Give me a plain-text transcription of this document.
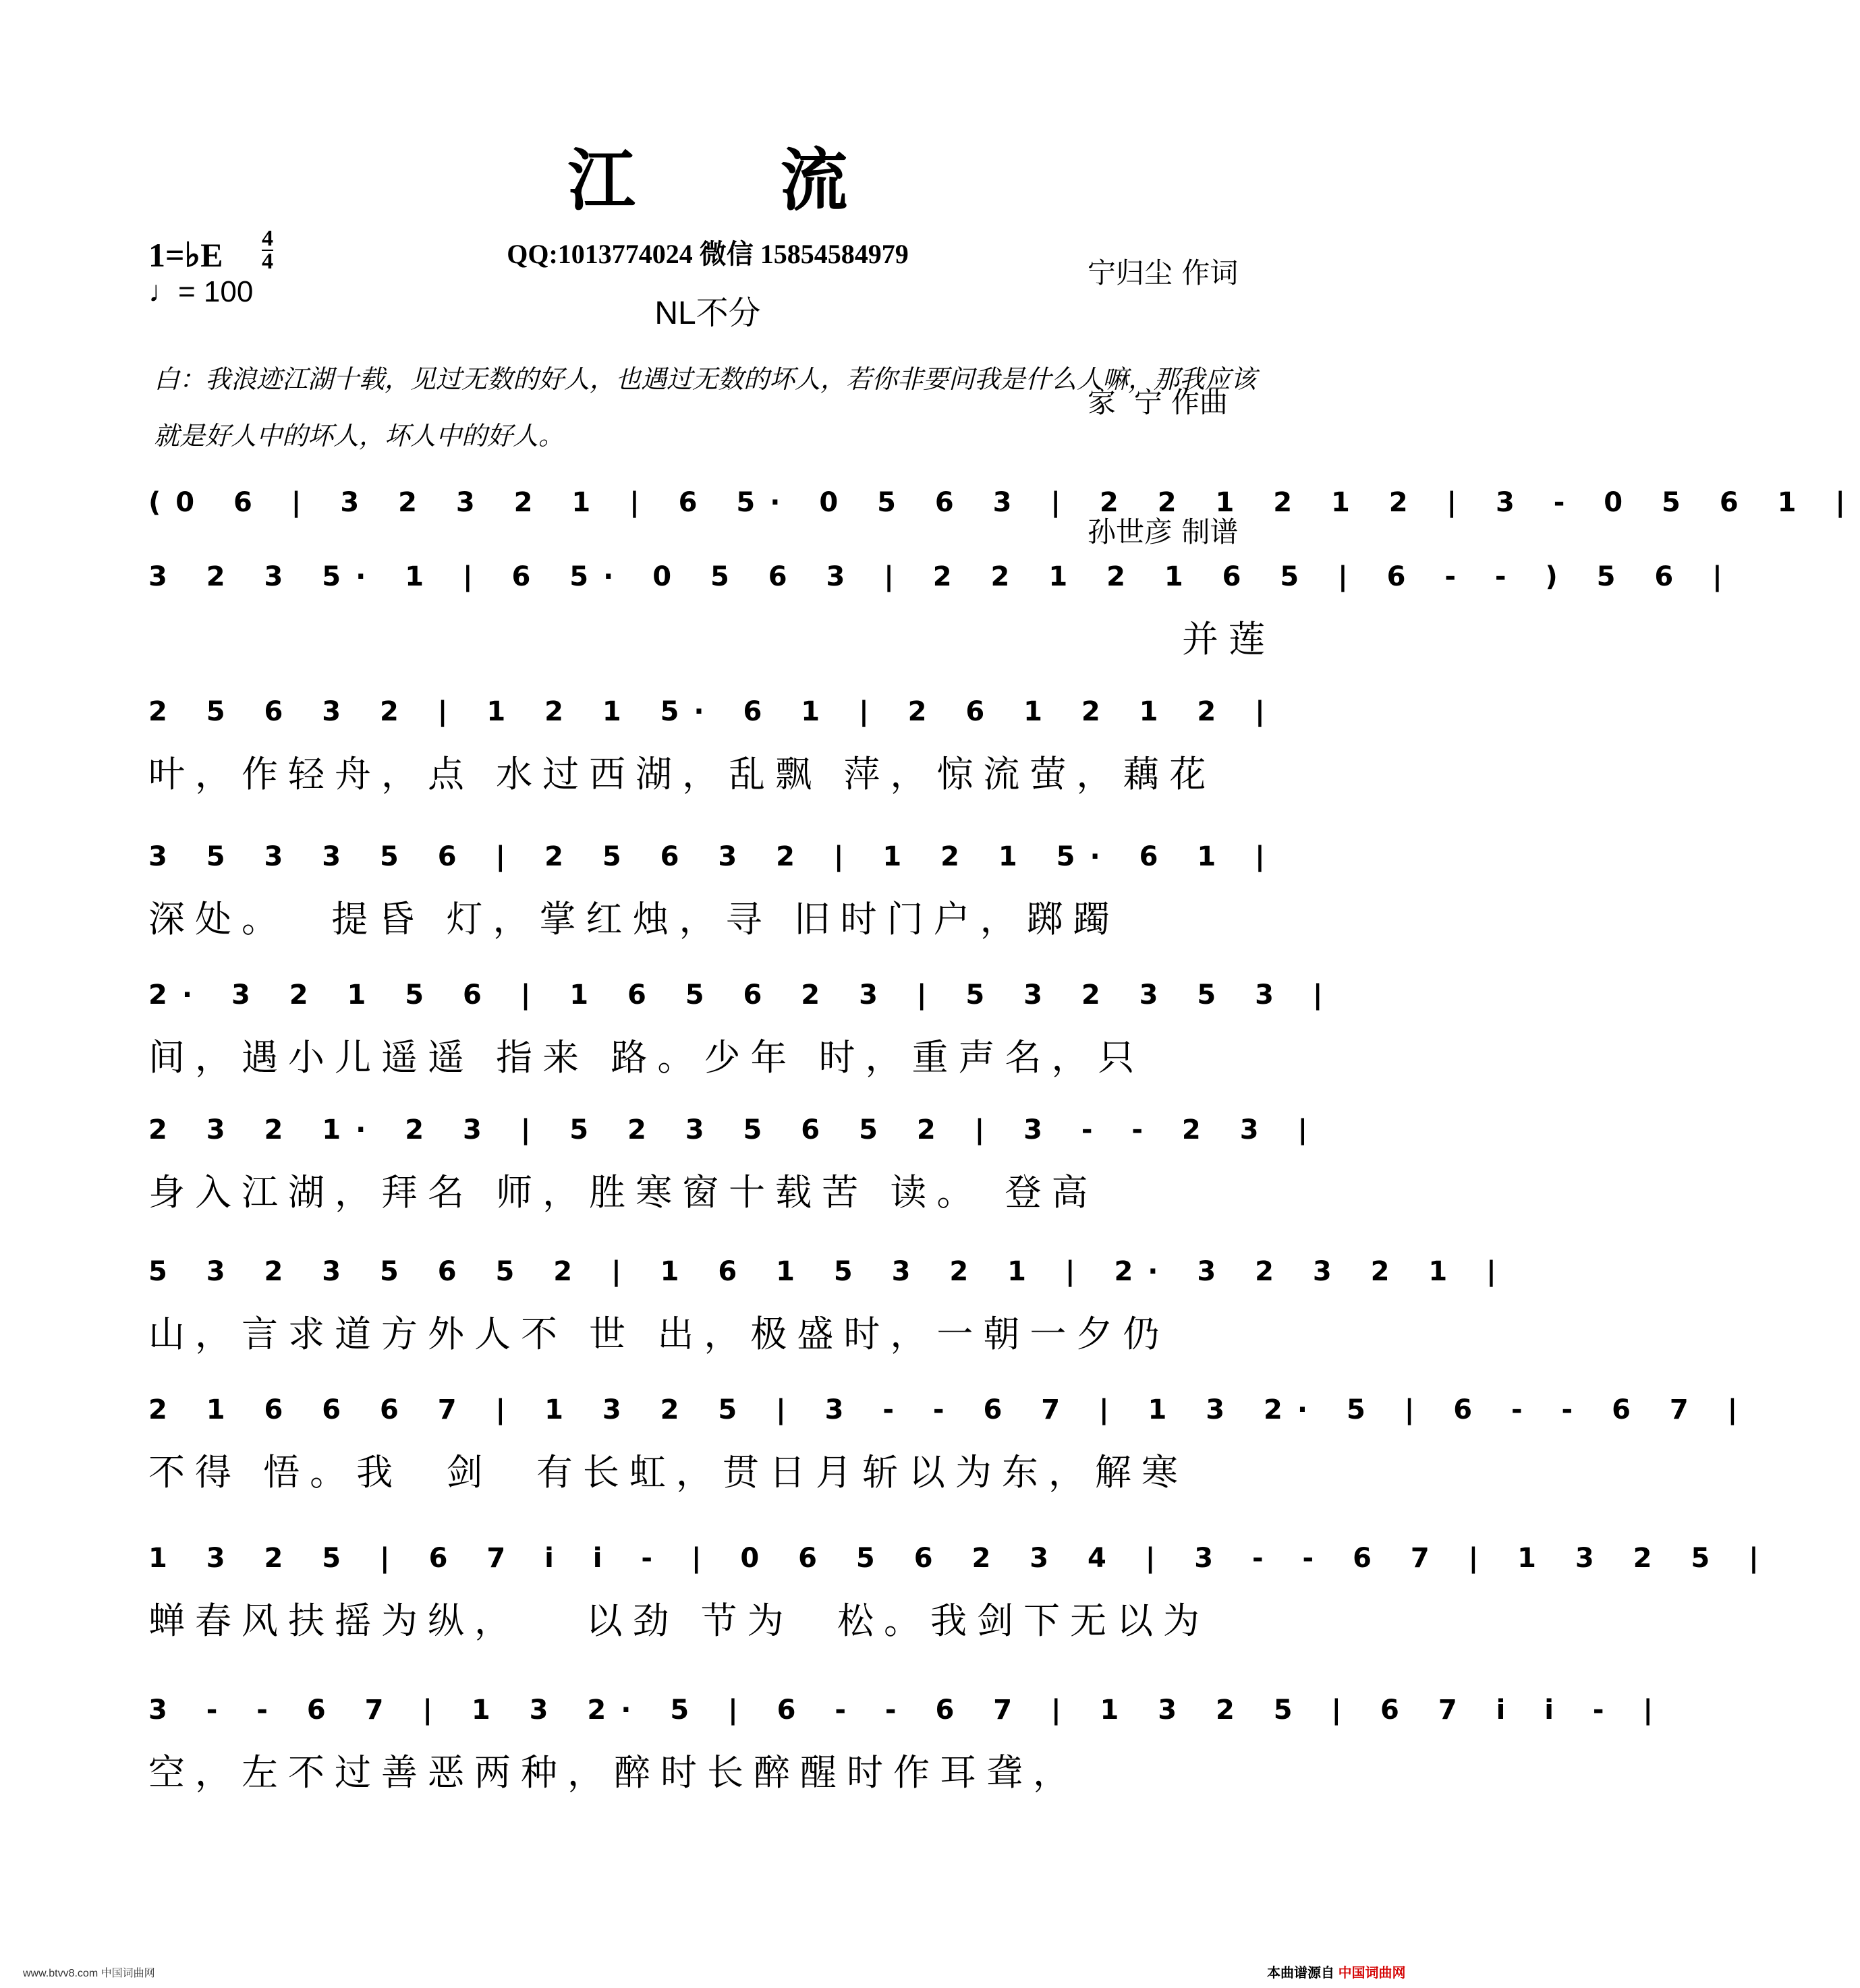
江 流
QQ:1013774024 微信 15854584979
NL不分

宁归尘 作词

家  宁 作曲

孙世彦 制谱

1=♭E $\frac{4}{4}$
♩= 100
白：我浪迹江湖十载，见过无数的好人，也遇过无数的坏人，若你非要问我是什么人嘛，那我应该就是好人中的坏人，坏人中的好人。
(0 6 | 3 2 3 2 1 | 6 5· 0 5 6 3 | 2 2 1 2 1 2 | 3 - 0 5 6 1 |
3 2 3 5· 1 | 6 5· 0 5 6 3 | 2 2 1 2 1 6 5 | 6 - - ) 5 6 |
并莲
2 5 6 3 2 | 1 2 1 5· 6 1 | 2 6 1 2 1 2 |
叶，作轻舟，点 水过西湖，乱飘 萍，惊流萤，藕花
3 5 3 3 5 6 | 2 5 6 3 2 | 1 2 1 5· 6 1 |
深处。  提昏 灯，掌红烛，寻 旧时门户，踯躅
2· 3 2 1 5 6 | 1 6 5 6 2 3 | 5 3 2 3 5 3 |
间，遇小儿遥遥 指来 路。少年 时，重声名，只
2 3 2 1· 2 3 | 5 2 3 5 6 5 2 | 3 - - 2 3 |
身入江湖，拜名 师，胜寒窗十载苦 读。 登高
5 3 2 3 5 6 5 2 | 1 6 1 5 3 2 1 | 2· 3 2 3 2 1 |
山，言求道方外人不 世 出，极盛时，一朝一夕仍
2 1 6 6 6 7 | 1 3 2 5 | 3 - - 6 7 | 1 3 2· 5 | 6 - - 6 7 |
不得 悟。我  剑  有长虹，贯日月斩以为东，解寒
1 3 2 5 | 6 7 i i - | 0 6 5 6 2 3 4 | 3 - - 6 7 | 1 3 2 5 |
蝉春风扶摇为纵，   以劲 节为  松。我剑下无以为
3 - - 6 7 | 1 3 2· 5 | 6 - - 6 7 | 1 3 2 5 | 6 7 i i - |
空，左不过善恶两种，醉时长醉醒时作耳聋，
www.btvv8.com 中国词曲网	本曲谱源自 中国词曲网
